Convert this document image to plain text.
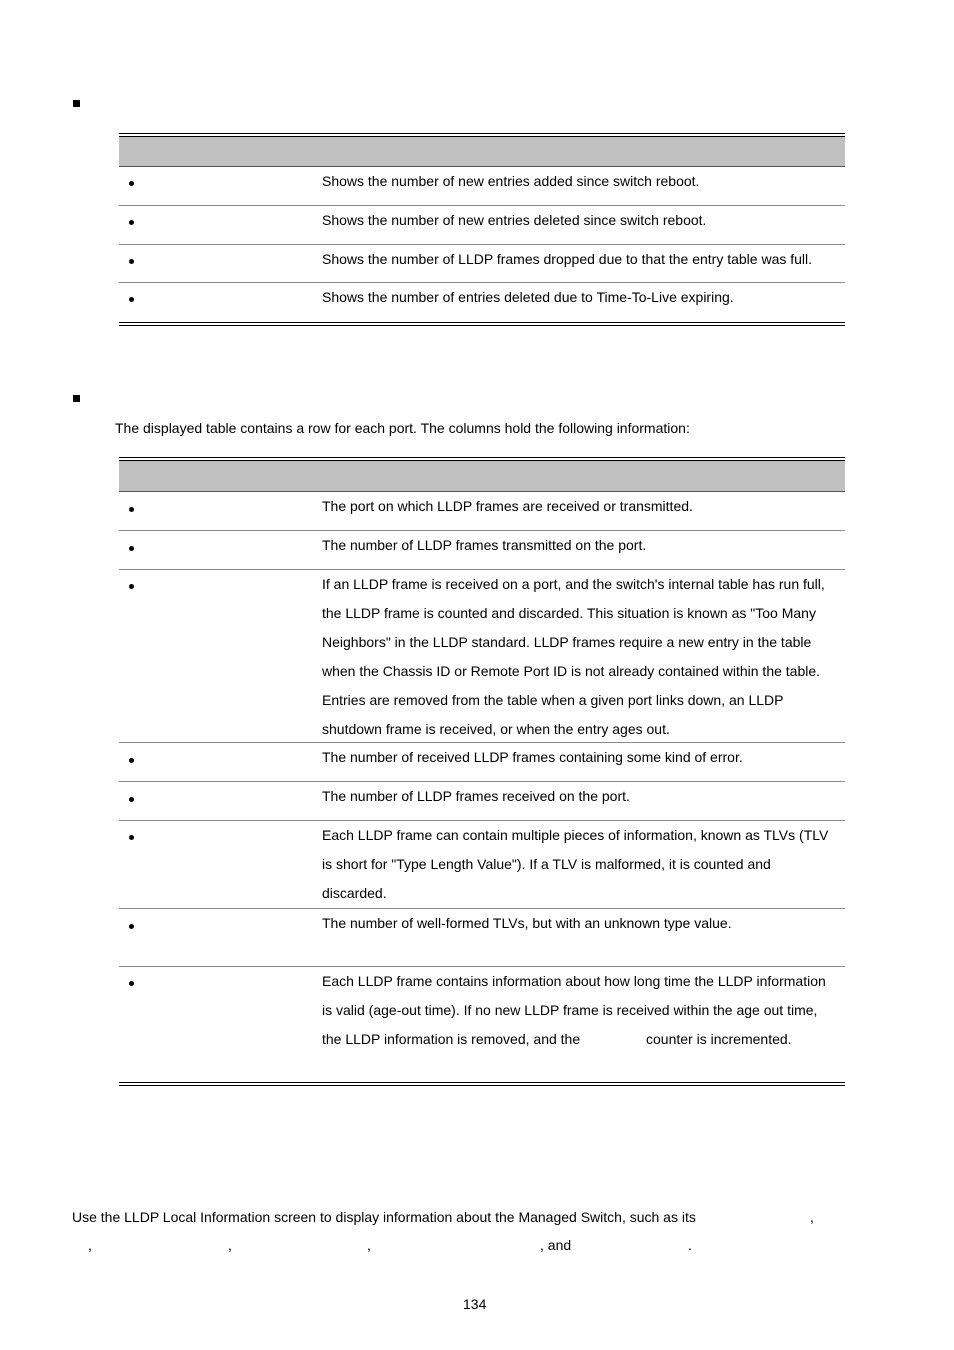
Shows the number of new entries added since switch reboot.
Shows the number of new entries deleted since switch reboot.
Shows the number of LLDP frames dropped due to that the entry table was full.
Shows the number of entries deleted due to Time-To-Live expiring.
The displayed table contains a row for each port. The columns hold the following information:
The port on which LLDP frames are received or transmitted.
The number of LLDP frames transmitted on the port.
If an LLDP frame is received on a port, and the switch's internal table has run full, the LLDP frame is counted and discarded. This situation is known as "Too Many Neighbors" in the LLDP standard. LLDP frames require a new entry in the table when the Chassis ID or Remote Port ID is not already contained within the table. Entries are removed from the table when a given port links down, an LLDP shutdown frame is received, or when the entry ages out.
The number of received LLDP frames containing some kind of error.
The number of LLDP frames received on the port.
Each LLDP frame can contain multiple pieces of information, known as TLVs (TLV is short for "Type Length Value"). If a TLV is malformed, it is counted and discarded.
The number of well-formed TLVs, but with an unknown type value.
Each LLDP frame contains information about how long time the LLDP information is valid (age-out time). If no new LLDP frame is received within the age out time, the LLDP information is removed, and the	counter is incremented.
Use the LLDP Local Information screen to display information about the Managed Switch, such as its	,
,	,	,	, and	.
134
